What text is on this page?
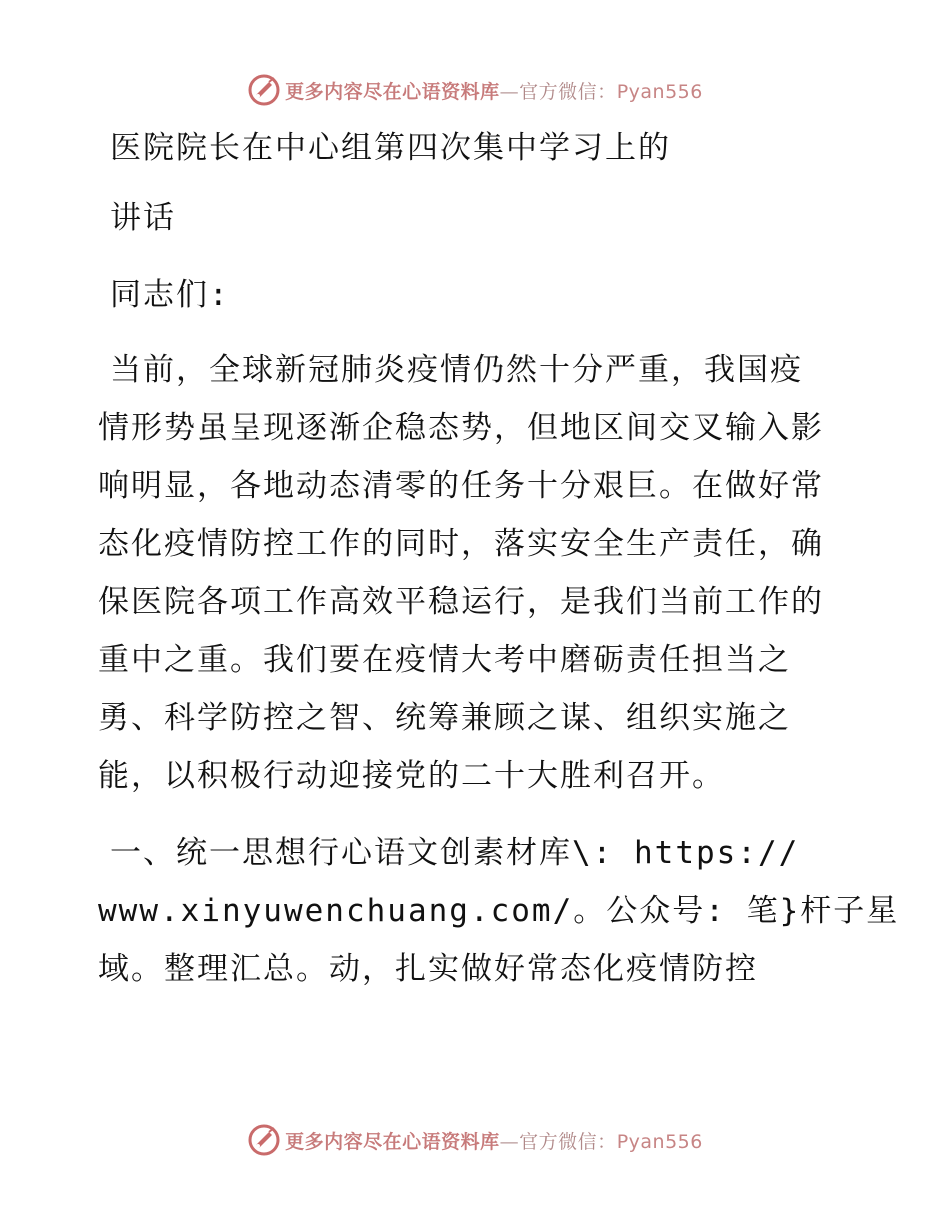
更多内容尽在心语资料库—官方微信：Pyan556
医院院长在中心组第四次集中学习上的
讲话
同志们:
当前，全球新冠肺炎疫情仍然十分严重，我国疫
情形势虽呈现逐渐企稳态势，但地区间交叉输入影
响明显，各地动态清零的任务十分艰巨。在做好常
态化疫情防控工作的同时，落实安全生产责任，确
保医院各项工作高效平稳运行，是我们当前工作的
重中之重。我们要在疫情大考中磨砺责任担当之
勇、科学防控之智、统筹兼顾之谋、组织实施之
能，以积极行动迎接党的二十大胜利召开。
一、统一思想行心语文创素材库\: https://
www.xinyuwenchuang.com/。公众号: 笔}杆子星
域。整理汇总。动，扎实做好常态化疫情防控
更多内容尽在心语资料库—官方微信：Pyan556
